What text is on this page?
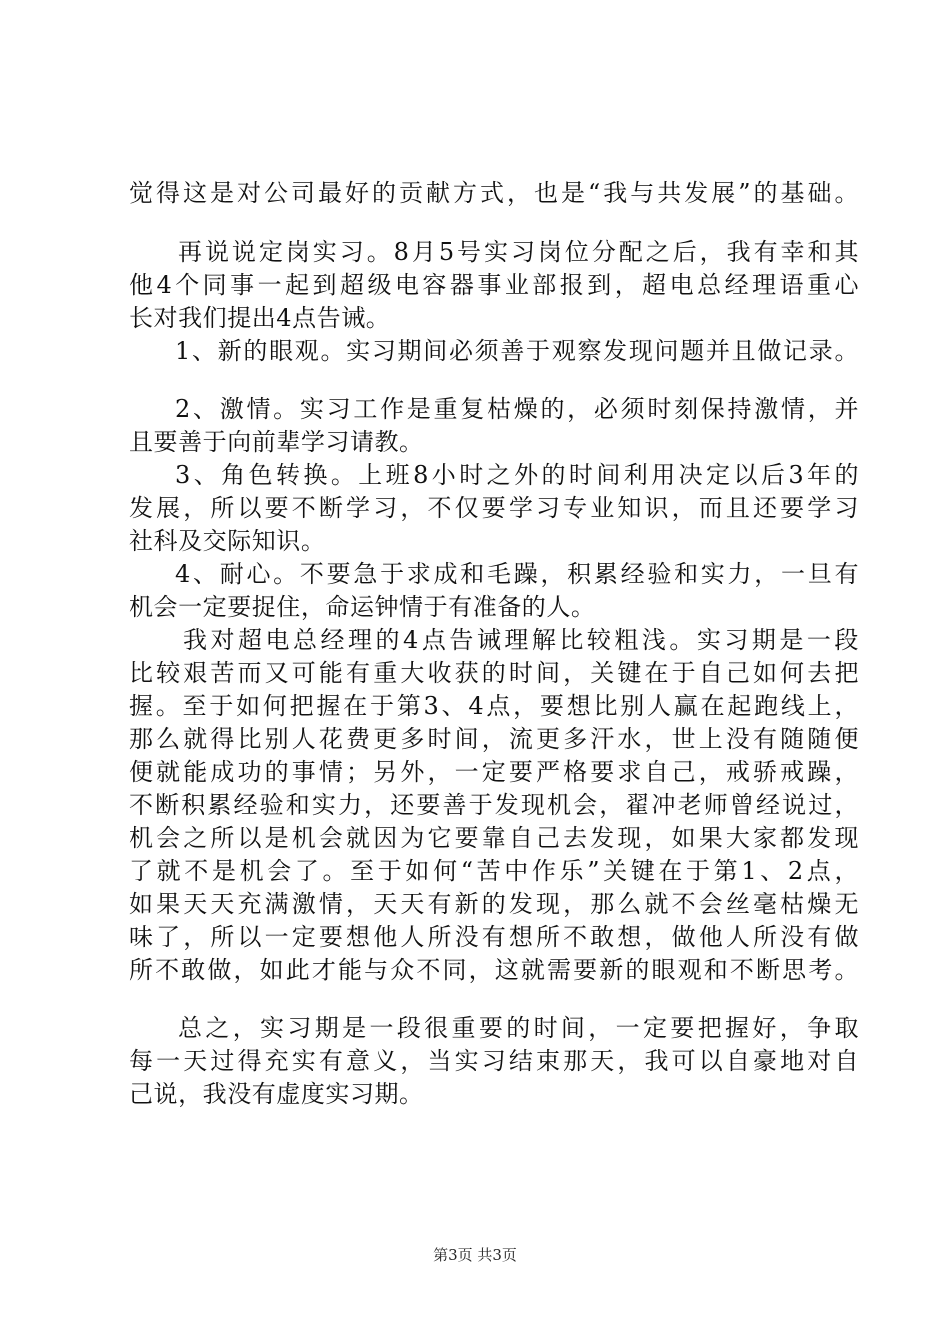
觉得这是对公司最好的贡献方式，也是“我与共发展”的基础。
再说说定岗实习。8月5号实习岗位分配之后，我有幸和其
他4个同事一起到超级电容器事业部报到，超电总经理语重心
长对我们提出4点告诫。
1、新的眼观。实习期间必须善于观察发现问题并且做记录。
2、激情。实习工作是重复枯燥的，必须时刻保持激情，并
且要善于向前辈学习请教。
3、角色转换。上班8小时之外的时间利用决定以后3年的
发展，所以要不断学习，不仅要学习专业知识，而且还要学习
社科及交际知识。
4、耐心。不要急于求成和毛躁，积累经验和实力，一旦有
机会一定要捉住，命运钟情于有准备的人。
我对超电总经理的4点告诫理解比较粗浅。实习期是一段
比较艰苦而又可能有重大收获的时间，关键在于自己如何去把
握。至于如何把握在于第3、4点，要想比别人赢在起跑线上，
那么就得比别人花费更多时间，流更多汗水，世上没有随随便
便就能成功的事情；另外，一定要严格要求自己，戒骄戒躁，
不断积累经验和实力，还要善于发现机会，翟冲老师曾经说过，
机会之所以是机会就因为它要靠自己去发现，如果大家都发现
了就不是机会了。至于如何“苦中作乐”关键在于第1、2点，
如果天天充满激情，天天有新的发现，那么就不会丝毫枯燥无
味了，所以一定要想他人所没有想所不敢想，做他人所没有做
所不敢做，如此才能与众不同，这就需要新的眼观和不断思考。
总之，实习期是一段很重要的时间，一定要把握好，争取
每一天过得充实有意义，当实习结束那天，我可以自豪地对自
己说，我没有虚度实习期。
第3页 共3页
